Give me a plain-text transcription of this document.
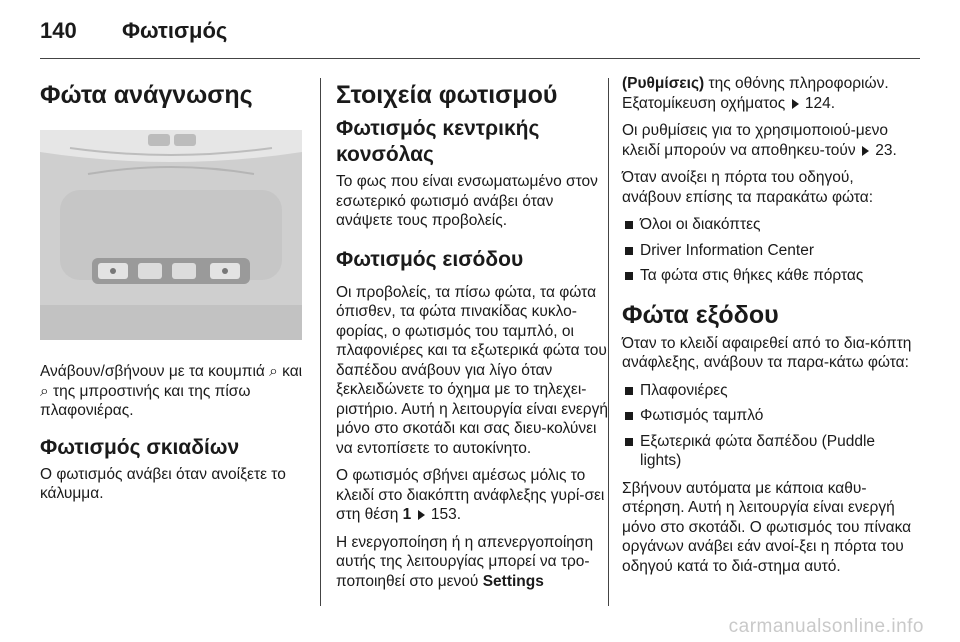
140	Φωτισμός
Φώτα ανάγνωσης

Ανάβουν/σβήνουν με τα κουμπιά ⌕ και ⌕ της μπροστινής και της πίσω πλαφονιέρας.

Φωτισμός σκιαδίων

Ο φωτισμός ανάβει όταν ανοίξετε το κάλυμμα.

Στοιχεία φωτισμού
Φωτισμός κεντρικής κονσόλας

Το φως που είναι ενσωματωμένο στον εσωτερικό φωτισμό ανάβει όταν ανάψετε τους προβολείς.

Φωτισμός εισόδου

Οι προβολείς, τα πίσω φώτα, τα φώτα όπισθεν, τα φώτα πινακίδας κυκλο-φορίας, ο φωτισμός του ταμπλό, οι πλαφονιέρες και τα εξωτερικά φώτα του δαπέδου ανάβουν για λίγο όταν ξεκλειδώνετε το όχημα με το τηλεχει-ριστήριο. Αυτή η λειτουργία είναι ενεργή μόνο στο σκοτάδι και σας διευ-κολύνει να εντοπίσετε το αυτοκίνητο.

Ο φωτισμός σβήνει αμέσως μόλις το κλειδί στο διακόπτη ανάφλεξης γυρί-σει στη θέση 1 153.

Η ενεργοποίηση ή η απενεργοποίηση αυτής της λειτουργίας μπορεί να τρο-ποποιηθεί στο μενού Settings

(Ρυθμίσεις) της οθόνης πληροφοριών. Εξατομίκευση οχήματος 124.

Οι ρυθμίσεις για το χρησιμοποιού-μενο κλειδί μπορούν να αποθηκευ-τούν 23.

Όταν ανοίξει η πόρτα του οδηγού, ανάβουν επίσης τα παρακάτω φώτα:

Όλοι οι διακόπτες
Driver Information Center
Τα φώτα στις θήκες κάθε πόρτας
Φώτα εξόδου

Όταν το κλειδί αφαιρεθεί από το δια-κόπτη ανάφλεξης, ανάβουν τα παρα-κάτω φώτα:

Πλαφονιέρες
Φωτισμός ταμπλό
Εξωτερικά φώτα δαπέδου (Puddle lights)

Σβήνουν αυτόματα με κάποια καθυ-στέρηση. Αυτή η λειτουργία είναι ενεργή μόνο στο σκοτάδι. Ο φωτισμός του πίνακα οργάνων ανάβει εάν ανοί-ξει η πόρτα του οδηγού κατά το διά-στημα αυτό.

carmanualsonline.info
